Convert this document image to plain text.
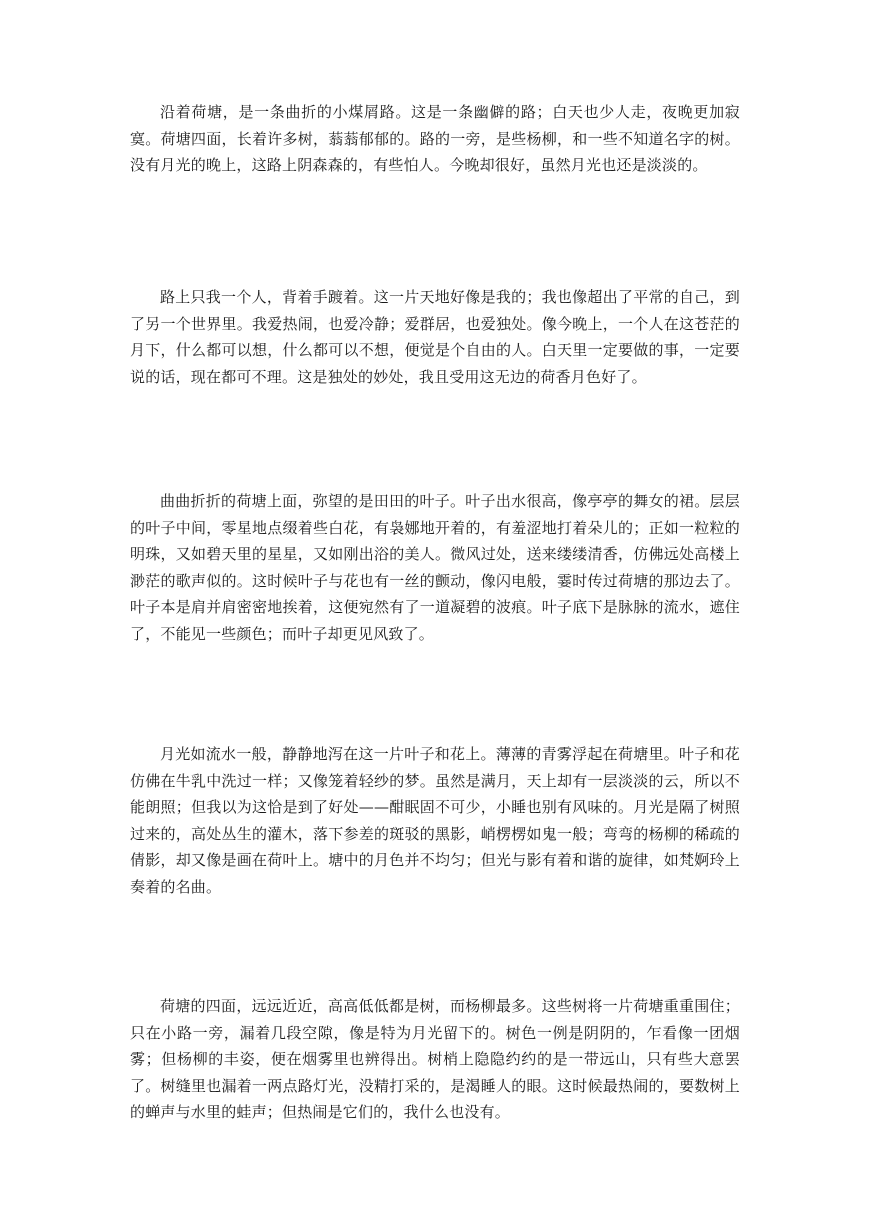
沿着荷塘，是一条曲折的小煤屑路。这是一条幽僻的路；白天也少人走，夜晚更加寂寞。荷塘四面，长着许多树，蓊蓊郁郁的。路的一旁，是些杨柳，和一些不知道名字的树。没有月光的晚上，这路上阴森森的，有些怕人。今晚却很好，虽然月光也还是淡淡的。

路上只我一个人，背着手踱着。这一片天地好像是我的；我也像超出了平常的自己，到了另一个世界里。我爱热闹，也爱冷静；爱群居，也爱独处。像今晚上，一个人在这苍茫的月下，什么都可以想，什么都可以不想，便觉是个自由的人。白天里一定要做的事，一定要说的话，现在都可不理。这是独处的妙处，我且受用这无边的荷香月色好了。

曲曲折折的荷塘上面，弥望的是田田的叶子。叶子出水很高，像亭亭的舞女的裙。层层的叶子中间，零星地点缀着些白花，有袅娜地开着的，有羞涩地打着朵儿的；正如一粒粒的明珠，又如碧天里的星星，又如刚出浴的美人。微风过处，送来缕缕清香，仿佛远处高楼上渺茫的歌声似的。这时候叶子与花也有一丝的颤动，像闪电般，霎时传过荷塘的那边去了。叶子本是肩并肩密密地挨着，这便宛然有了一道凝碧的波痕。叶子底下是脉脉的流水，遮住了，不能见一些颜色；而叶子却更见风致了。

月光如流水一般，静静地泻在这一片叶子和花上。薄薄的青雾浮起在荷塘里。叶子和花仿佛在牛乳中洗过一样；又像笼着轻纱的梦。虽然是满月，天上却有一层淡淡的云，所以不能朗照；但我以为这恰是到了好处——酣眠固不可少，小睡也别有风味的。月光是隔了树照过来的，高处丛生的灌木，落下参差的斑驳的黑影，峭楞楞如鬼一般；弯弯的杨柳的稀疏的倩影，却又像是画在荷叶上。塘中的月色并不均匀；但光与影有着和谐的旋律，如梵婀玲上奏着的名曲。

荷塘的四面，远远近近，高高低低都是树，而杨柳最多。这些树将一片荷塘重重围住；只在小路一旁，漏着几段空隙，像是特为月光留下的。树色一例是阴阴的，乍看像一团烟雾；但杨柳的丰姿，便在烟雾里也辨得出。树梢上隐隐约约的是一带远山，只有些大意罢了。树缝里也漏着一两点路灯光，没精打采的，是渴睡人的眼。这时候最热闹的，要数树上的蝉声与水里的蛙声；但热闹是它们的，我什么也没有。
